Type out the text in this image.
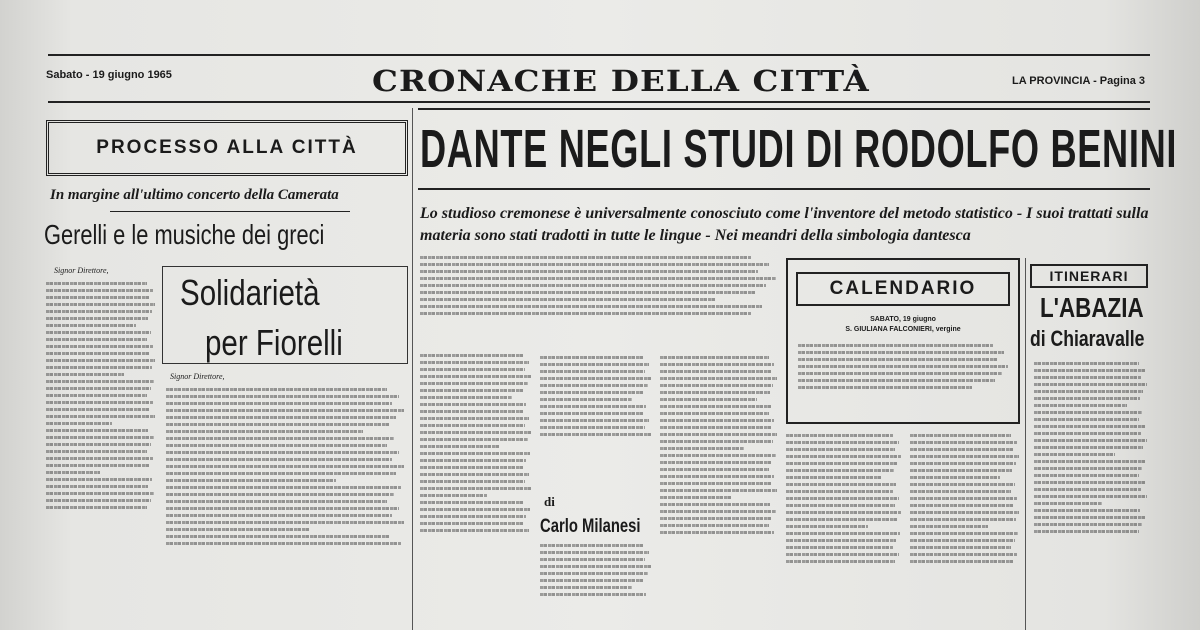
Sabato - 19 giugno 1965	CRONACHE DELLA CITTÀ	LA PROVINCIA - Pagina 3
PROCESSO ALLA CITTÀ
In margine all'ultimo concerto della Camerata
Gerelli e le musiche dei greci
Signor Direttore,
Solidarietà
per Fiorelli
Signor Direttore,
DANTE NEGLI STUDI DI RODOLFO BENINI
Lo studioso cremonese è universalmente conosciuto come l'inventore del metodo statistico - I suoi trattati sulla materia sono stati tradotti in tutte le lingue - Nei meandri della simbologia dantesca
di
Carlo Milanesi
CALENDARIO
SABATO, 19 giugno
S. GIULIANA FALCONIERI, vergine
ITINERARI
L'ABAZIA
di Chiaravalle
